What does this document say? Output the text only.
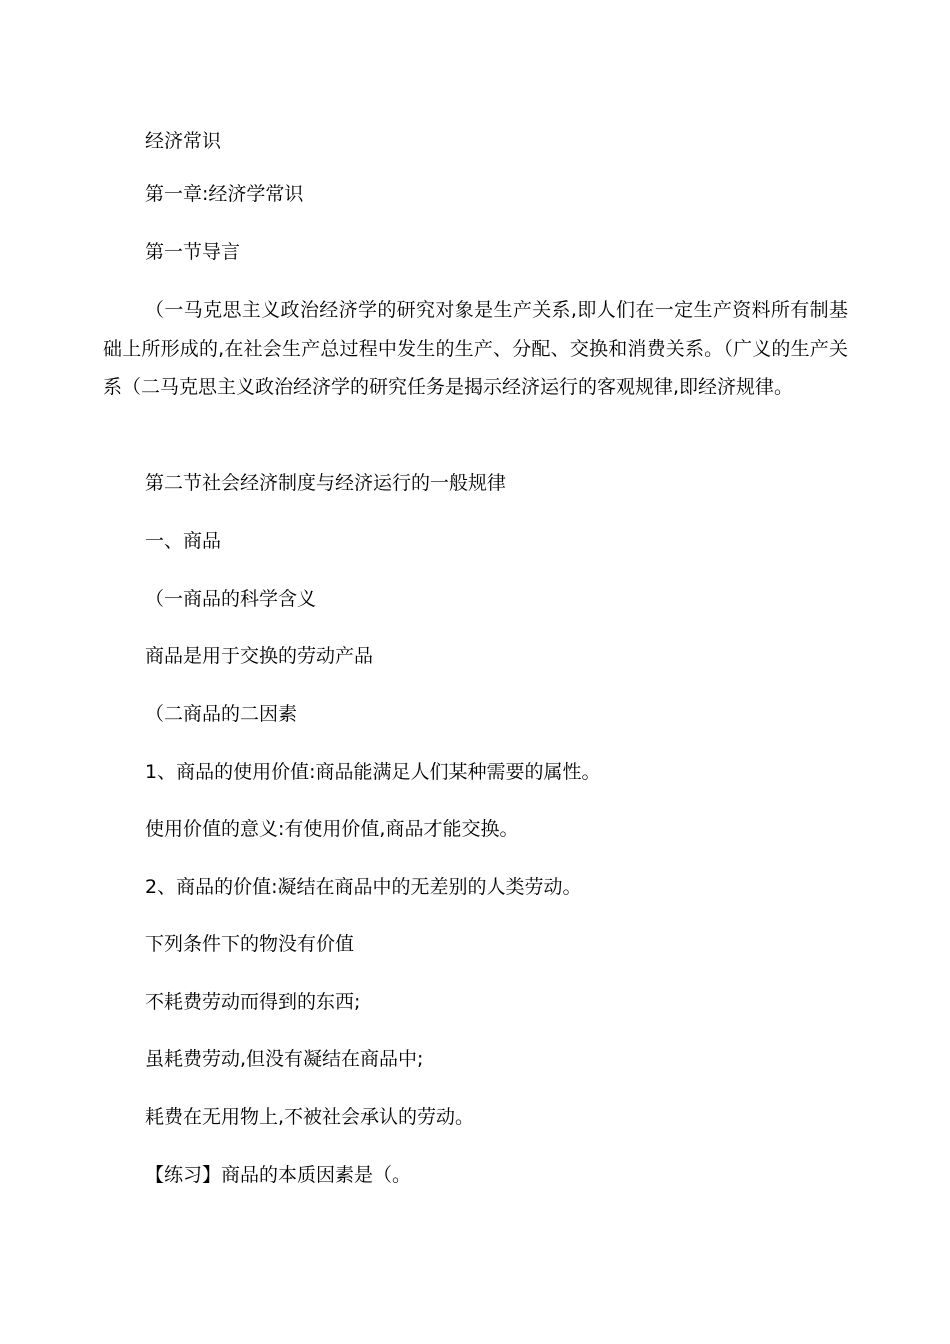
经济常识
第一章:经济学常识
第一节导言
（一马克思主义政治经济学的研究对象是生产关系,即人们在一定生产资料所有制基础上所形成的,在社会生产总过程中发生的生产、分配、交换和消费关系。（广义的生产关系（二马克思主义政治经济学的研究任务是揭示经济运行的客观规律,即经济规律。
第二节社会经济制度与经济运行的一般规律
一、商品
（一商品的科学含义
商品是用于交换的劳动产品
（二商品的二因素
1、商品的使用价值:商品能满足人们某种需要的属性。
使用价值的意义:有使用价值,商品才能交换。
2、商品的价值:凝结在商品中的无差别的人类劳动。
下列条件下的物没有价值
不耗费劳动而得到的东西;
虽耗费劳动,但没有凝结在商品中;
耗费在无用物上,不被社会承认的劳动。
【练习】商品的本质因素是（。
